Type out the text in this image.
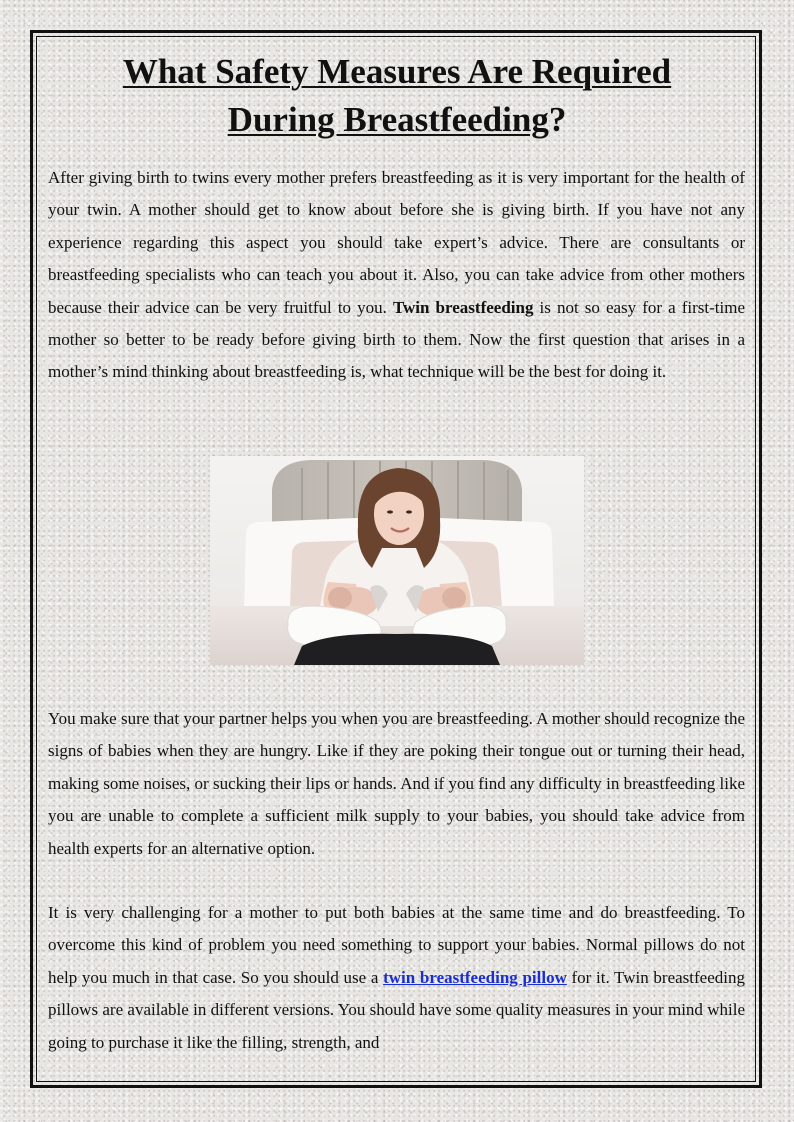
What Safety Measures Are Required
During Breastfeeding?

After giving birth to twins every mother prefers breastfeeding as it is very important for the health of your twin. A mother should get to know about before she is giving birth. If you have not any experience regarding this aspect you should take expert’s advice. There are consultants or breastfeeding specialists who can teach you about it. Also, you can take advice from other mothers because their advice can be very fruitful to you. Twin breastfeeding is not so easy for a first-time mother so better to be ready before giving birth to them. Now the first question that arises in a mother’s mind thinking about breastfeeding is, what technique will be the best for doing it.

You make sure that your partner helps you when you are breastfeeding. A mother should recognize the signs of babies when they are hungry. Like if they are poking their tongue out or turning their head, making some noises, or sucking their lips or hands. And if you find any difficulty in breastfeeding like you are unable to complete a sufficient milk supply to your babies, you should take advice from health experts for an alternative option.

It is very challenging for a mother to put both babies at the same time and do breastfeeding. To overcome this kind of problem you need something to support your babies. Normal pillows do not help you much in that case. So you should use a twin breastfeeding pillow for it. Twin breastfeeding pillows are available in different versions. You should have some quality measures in your mind while going to purchase it like the filling, strength, and
